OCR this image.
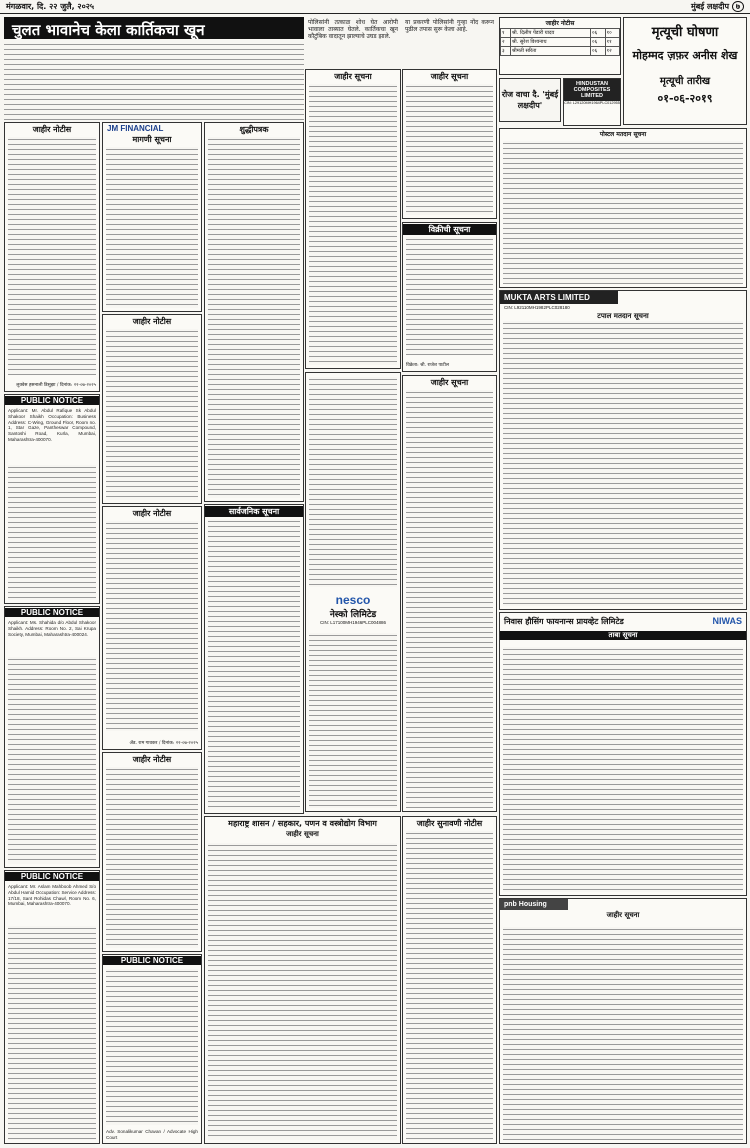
मंगळवार, दि. २२ जुलै, २०२५	मुंबई लक्षदीप ७
चुलत भावानेच केला कार्तिकचा खून	पोलिसांनी तत्काळ शोध घेत आरोपी भावाला ताब्यात घेतले. कार्तिकचा खून कौटुंबिक वादातून झाल्याचे उघड झाले.
या प्रकरणी पोलिसांनी गुन्हा नोंद करून पुढील तपास सुरू केला आहे.
जाहीर नोटीस
लुक्वेस हसनाली डिसुझा / दिनांक: २२-०७-२०२५
PUBLIC NOTICE
Applicant: Mr. Abdul Rafique Sk Abdul Shakoor Shaikh Occupation: Business Address: C-Wing, Ground Floor, Room no. 1, Star Gaze, Pantheswar Compound, Santoshi Road, Kurla, Mumbai, Maharashtra-400070.
PUBLIC NOTICE
Applicant: Ms. Shahida d/o Abdul Shakoor Shaikh. Address: Room No. 2, Sai Krupa Society, Mumbai, Maharashtra-400024.
PUBLIC NOTICE
Applicant: Mr. Aslam Mahboob Ahmed S/o Abdul Hamid Occupation: Service Address: 17/18, Sant Rohidas Chawl, Room No. 6, Mumbai, Maharashtra-400070.
JM FINANCIAL
मागणी सूचना
जाहीर नोटीस
जाहीर नोटीस
ॲड. राम गावकर / दिनांक: २२-०७-२०२५
जाहीर नोटीस
PUBLIC NOTICE
Adv. Sonalikumar Chavan / Advocate High Court
जाहीर सूचना
शुद्धीपत्रक
सार्वजनिक सूचना
nesco
नेस्को लिमिटेड
CIN: L17100MH1946PLC004886
महाराष्ट्र शासन / सहकार, पणन व वस्त्रोद्योग विभाग
जाहीर सूचना
जाहीर सूचना
विक्रीची सूचना
विक्रेता: श्री. राजेश पाटील
जाहीर सूचना
जाहीर सुनावणी नोटीस
जाहीर नोटीस
१	श्री. दिलीप पेंडारी यादव	०६	१०
२	श्री. सुरेश विश्वनाथ	०६	११
३	श्रीमती सरिता	०६	१२
रोज वाचा दै. 'मुंबई लक्षदीप'
HINDUSTAN COMPOSITES LIMITED
CIN: L29120MH1964PLC012955
मृत्यूची घोषणा
मोहम्मद ज़फ़र अनीस शेख
मृत्यूची तारीख
०१-०६-२०१९
पोस्टल मतदान सूचना
MUKTA ARTS LIMITED
CIN: L92110MH1982PLC028180
टपाल मतदान सूचना
निवास हौसिंग फायनान्स प्रायव्हेट लिमिटेड	NIWAS
ताबा सूचना
pnb Housing
जाहीर सूचना
